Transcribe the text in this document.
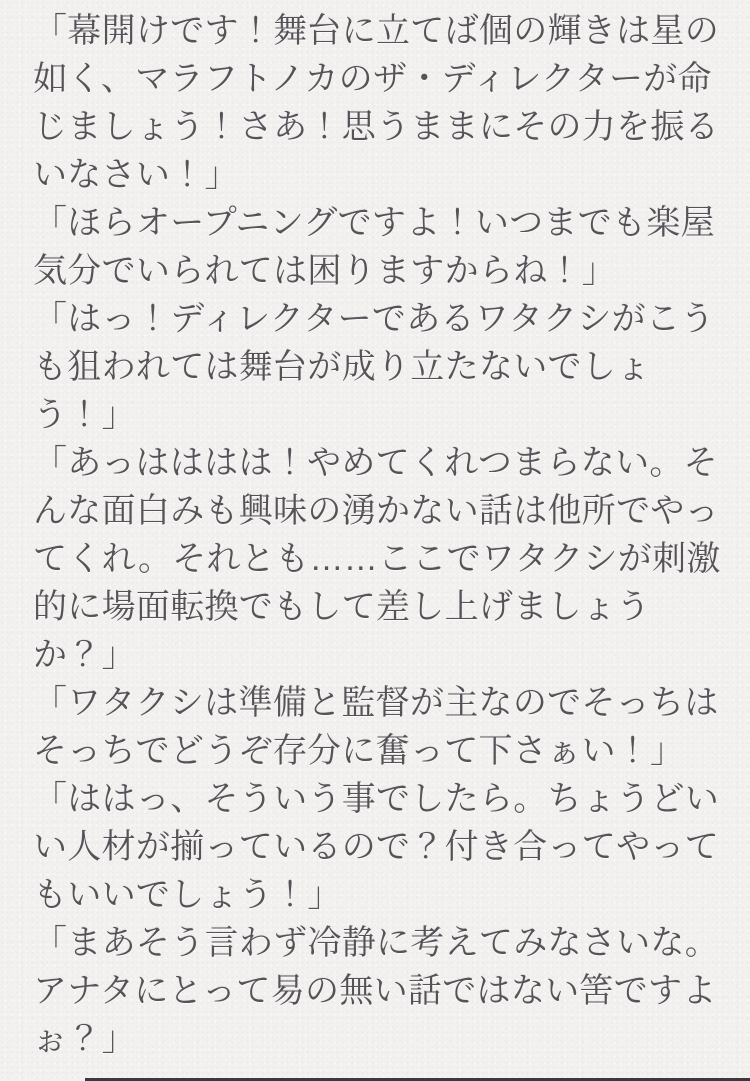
「幕開けです！舞台に立てば個の輝きは星の
如く、マラフトノカのザ・ディレクターが命
じましょう！さあ！思うままにその力を振る
いなさい！」
「ほらオープニングですよ！いつまでも楽屋
気分でいられては困りますからね！」
「はっ！ディレクターであるワタクシがこう
も狙われては舞台が成り立たないでしょ
う！」
「あっはははは！やめてくれつまらない。そ
んな面白みも興味の湧かない話は他所でやっ
てくれ。それとも……ここでワタクシが刺激
的に場面転換でもして差し上げましょう
か？」
「ワタクシは準備と監督が主なのでそっちは
そっちでどうぞ存分に奮って下さぁい！」
「ははっ、そういう事でしたら。ちょうどい
い人材が揃っているので？付き合ってやって
もいいでしょう！」
「まあそう言わず冷静に考えてみなさいな。
アナタにとって易の無い話ではない筈ですよ
ぉ？」
